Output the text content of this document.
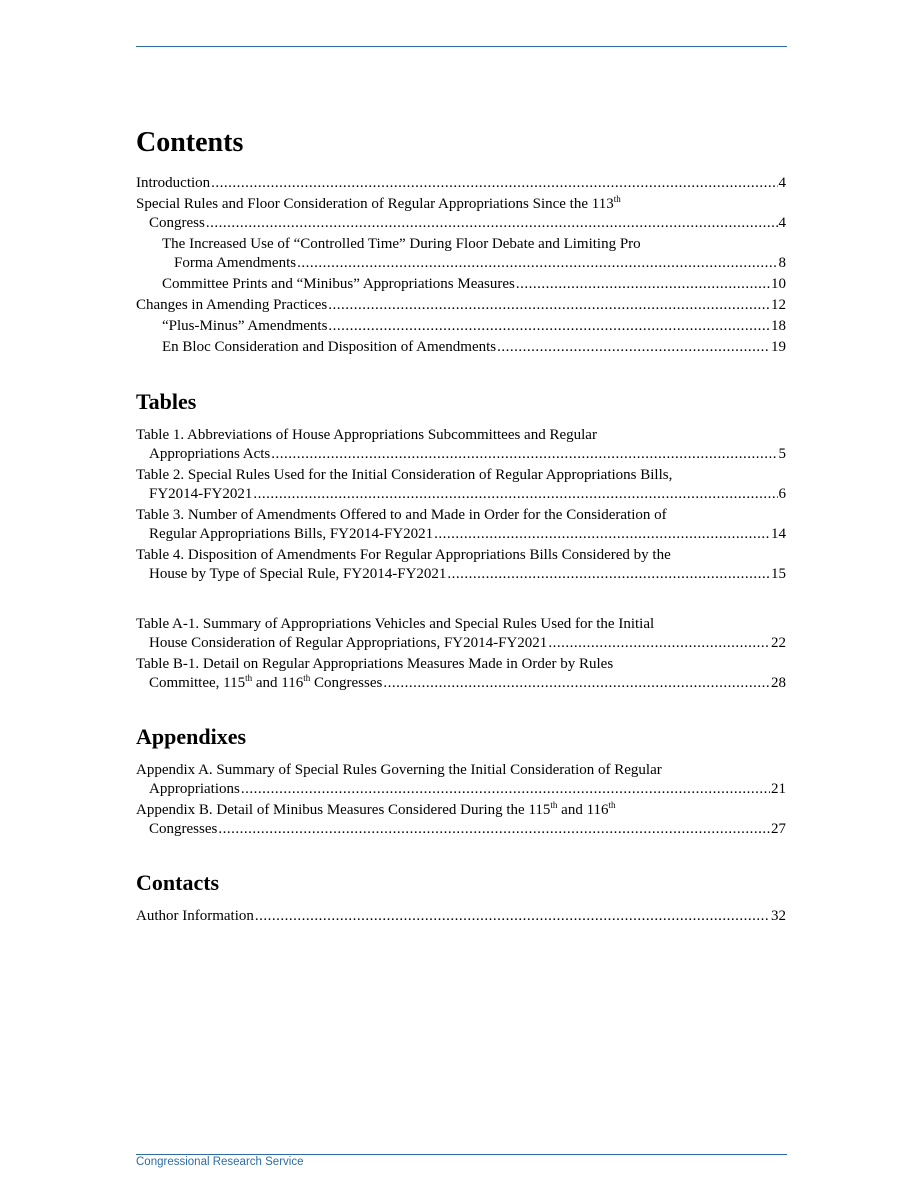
Contents
Introduction .....	4
Special Rules and Floor Consideration of Regular Appropriations Since the 113th
Congress .....	4
The Increased Use of “Controlled Time” During Floor Debate and Limiting Pro
Forma Amendments .....	8
Committee Prints and “Minibus” Appropriations Measures .....	10
Changes in Amending Practices .....	12
“Plus-Minus” Amendments .....	18
En Bloc Consideration and Disposition of Amendments .....	19
Tables
Table 1. Abbreviations of House Appropriations Subcommittees and Regular
Appropriations Acts .....	5
Table 2. Special Rules Used for the Initial Consideration of Regular Appropriations Bills,
FY2014-FY2021 .....	6
Table 3. Number of Amendments Offered to and Made in Order for the Consideration of
Regular Appropriations Bills, FY2014-FY2021 .....	14
Table 4. Disposition of Amendments For Regular Appropriations Bills Considered by the
House by Type of Special Rule, FY2014-FY2021 .....	15
Table A-1. Summary of Appropriations Vehicles and Special Rules Used for the Initial
House Consideration of Regular Appropriations, FY2014-FY2021 .....	22
Table B-1. Detail on Regular Appropriations Measures Made in Order by Rules
Committee, 115th and 116th Congresses .....	28
Appendixes
Appendix A. Summary of Special Rules Governing the Initial Consideration of Regular
Appropriations .....	21
Appendix B. Detail of Minibus Measures Considered During the 115th and 116th
Congresses .....	27
Contacts
Author Information .....	32
Congressional Research Service
